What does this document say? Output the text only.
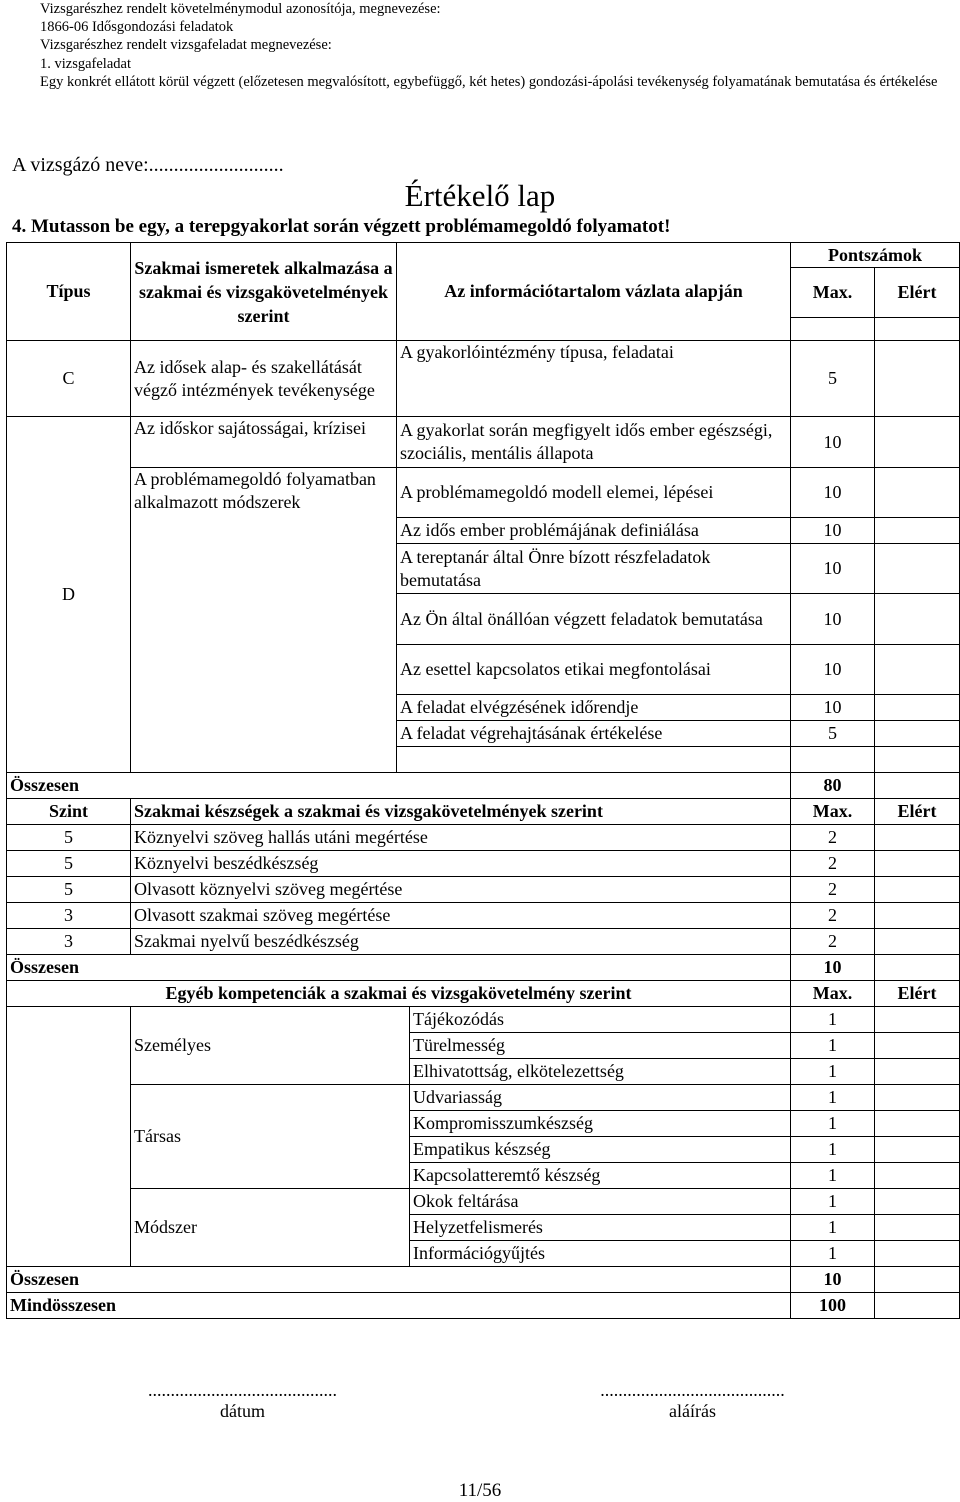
Vizsgarészhez rendelt követelménymodul azonosítója, megnevezése:
1866-06 Idősgondozási feladatok
Vizsgarészhez rendelt vizsgafeladat megnevezése:
1. vizsgafeladat
Egy konkrét ellátott körül végzett (előzetesen megvalósított, egybefüggő, két hetes) gondozási-ápolási tevékenység folyamatának bemutatása és értékelése
A vizsgázó neve:...........................
Értékelő lap
4. Mutasson be egy, a terepgyakorlat során végzett problémamegoldó folyamatot!
Típus	Szakmai ismeretek alkalmazása a szakmai és vizsgakövetelmények szerint	Az információtartalom vázlata alapján		Pontszámok	
				Max.	Elért

C	Az idősek alap- és szakellátását végző intézmények tevékenysége	A gyakorlóintézmény típusa, feladatai		5	
D	Az időskor sajátosságai, krízisei	A gyakorlat során megfigyelt idős ember egészségi, szociális, mentális állapota		10	
	A problémamegoldó folyamatban alkalmazott módszerek	A problémamegoldó modell elemei, lépései		10	
		Az idős ember problémájának definiálása		10	
		A tereptanár által Önre bízott részfeladatok bemutatása		10	
		Az Ön által önállóan végzett feladatok bemutatása		10	
		Az esettel kapcsolatos etikai megfontolásai		10	
		A feladat elvégzésének időrendje		10	
		A feladat végrehajtásának értékelése		5	

Összesen				80	
Szint	Szakmai készségek a szakmai és vizsgakövetelmények szerint			Max.	Elért
5	Köznyelvi szöveg hallás utáni megértése			2	
5	Köznyelvi beszédkészség			2	
5	Olvasott köznyelvi szöveg megértése			2	
3	Olvasott szakmai szöveg megértése			2	
3	Szakmai nyelvű beszédkészség			2	
Összesen				10	
Egyéb kompetenciák a szakmai és vizsgakövetelmény szerint				Max.	Elért
	Személyes		Tájékozódás	1	
			Türelmesség	1	
			Elhivatottság, elkötelezettség	1	
	Társas		Udvariasság	1	
			Kompromisszumkészség	1	
			Empatikus készség	1	
			Kapcsolatteremtő készség	1	
	Módszer		Okok feltárása	1	
			Helyzetfelismerés	1	
			Információgyűjtés	1	
Összesen				10	
Mindösszesen				100	
..........................................
dátum
.........................................
aláírás
11/56
